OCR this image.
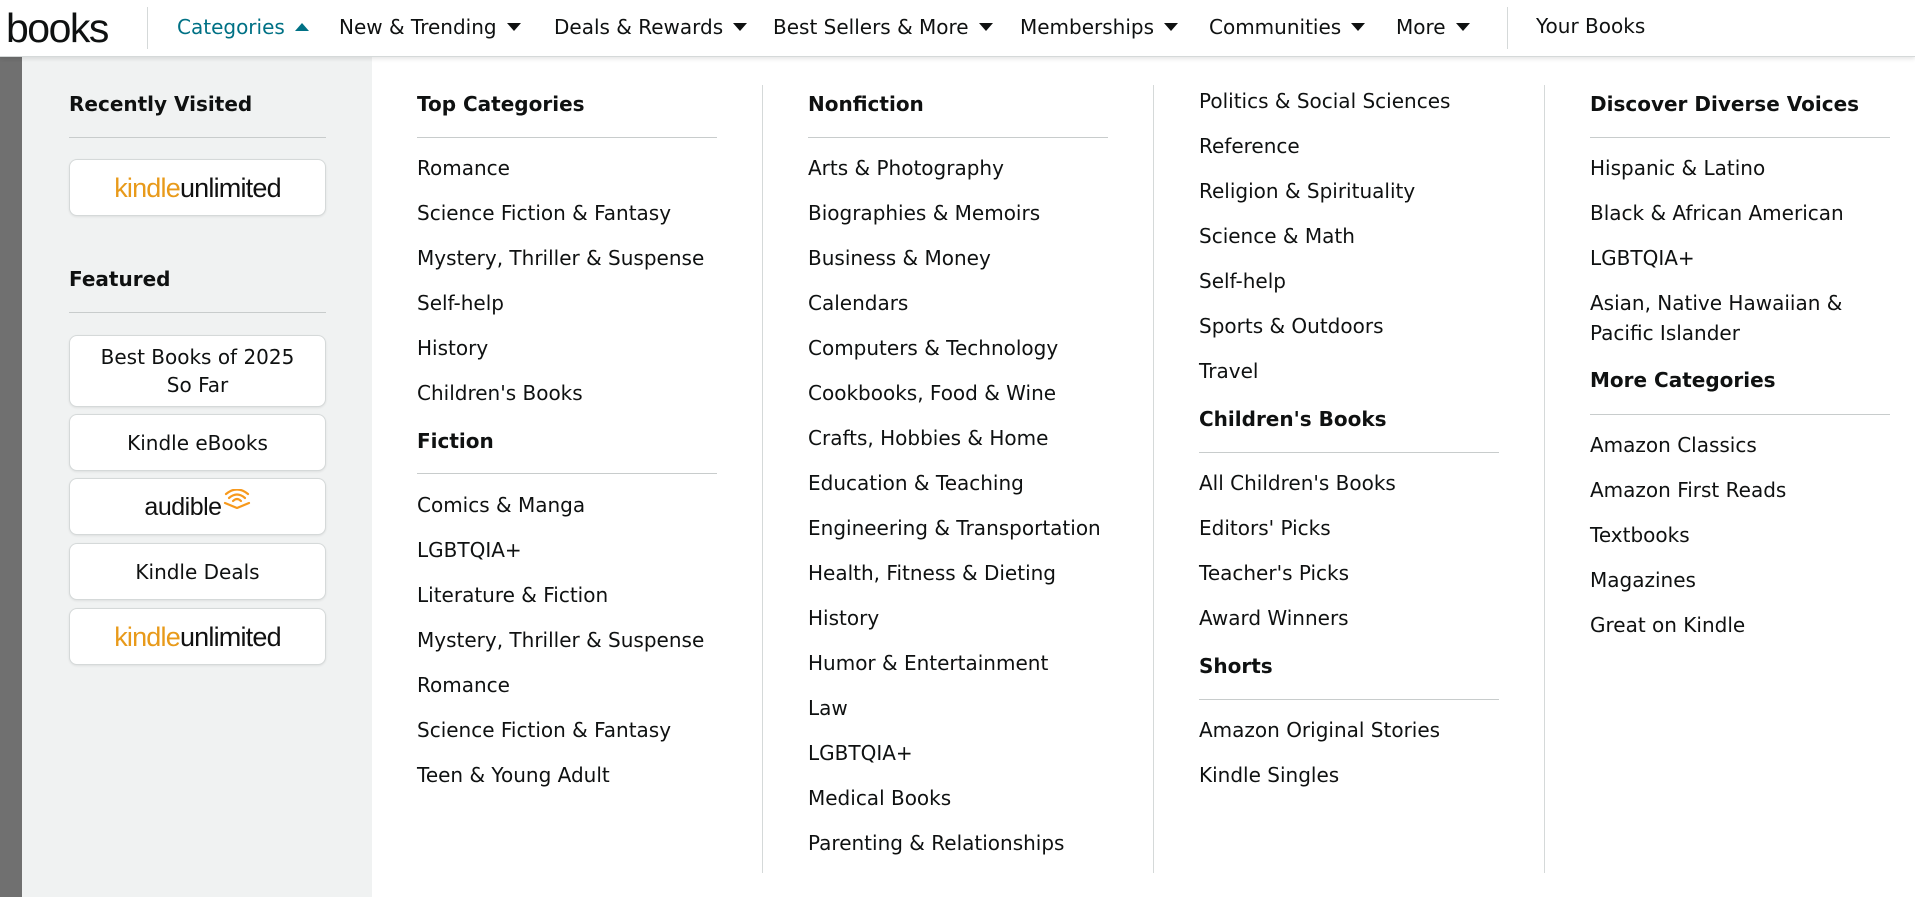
books	Categories	New & Trending	Deals & Rewards	Best Sellers & More	Memberships	Communities	More	Your Books
Recently Visited
kindleunlimited
Featured
Best Books of 2025
So Far
Kindle eBooks
audible
Kindle Deals
kindleunlimited
Top Categories
Romance
Science Fiction & Fantasy
Mystery, Thriller & Suspense
Self-help
History
Children's Books
Fiction
Comics & Manga
LGBTQIA+
Literature & Fiction
Mystery, Thriller & Suspense
Romance
Science Fiction & Fantasy
Teen & Young Adult
Nonfiction
Arts & Photography
Biographies & Memoirs
Business & Money
Calendars
Computers & Technology
Cookbooks, Food & Wine
Crafts, Hobbies & Home
Education & Teaching
Engineering & Transportation
Health, Fitness & Dieting
History
Humor & Entertainment
Law
LGBTQIA+
Medical Books
Parenting & Relationships
Politics & Social Sciences
Reference
Religion & Spirituality
Science & Math
Self-help
Sports & Outdoors
Travel
Children's Books
All Children's Books
Editors' Picks
Teacher's Picks
Award Winners
Shorts
Amazon Original Stories
Kindle Singles
Discover Diverse Voices
Hispanic & Latino
Black & African American
LGBTQIA+
Asian, Native Hawaiian & Pacific Islander
More Categories
Amazon Classics
Amazon First Reads
Textbooks
Magazines
Great on Kindle
